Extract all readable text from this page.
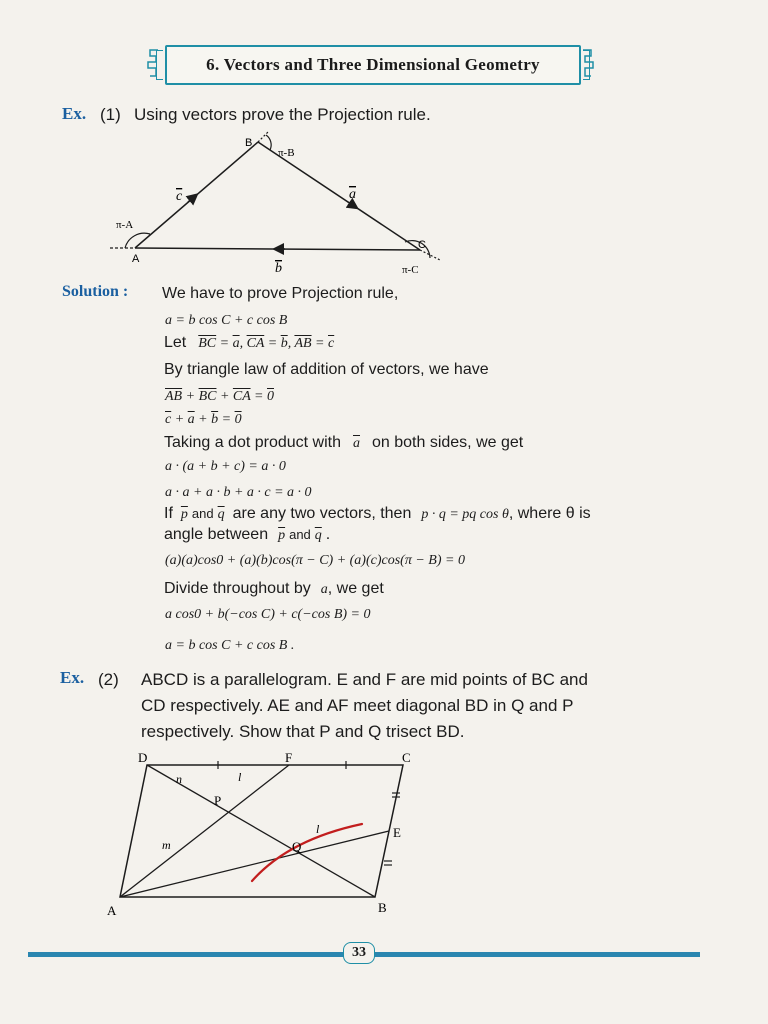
6. Vectors and Three Dimensional Geometry
Ex. (1) Using vectors prove the Projection rule.
A
B
C
π-A
π-B
π-C
c	a
b
Solution : We have to prove Projection rule,
a = b cos C + c cos B
Let $\overline{BC} = \overline{a}$, $\overline{CA} = \overline{b}$, $\overline{AB} = \overline{c}$
By triangle law of addition of vectors, we have
$\overline{AB} + \overline{BC} + \overline{CA} = 0$
$\overline{c} + \overline{a} + \overline{b} = 0$
Taking a dot product with $\overline{a}$ on both sides, we get
a · (a + b + c) = a · 0
a · a + a · b + a · c = a · 0
If $\overline{p}$ and $\overline{q}$ are any two vectors, then p · q = pq cos θ, where θ is
angle between $\overline{p}$ and $\overline{q}$ .
(a)(a)cos0 + (a)(b)cos(π − C) + (a)(c)cos(π − B) = 0
Divide throughout by a, we get
a cos0 + b(−cos C) + c(−cos B) = 0
a = b cos C + c cos B .
Ex. (2) ABCD is a parallelogram. E and F are mid points of BC and
CD respectively. AE and AF meet diagonal BD in Q and P
respectively. Show that P and Q trisect BD.
D	F	C
E
B
A
P
Q
n	l
l
m
33
